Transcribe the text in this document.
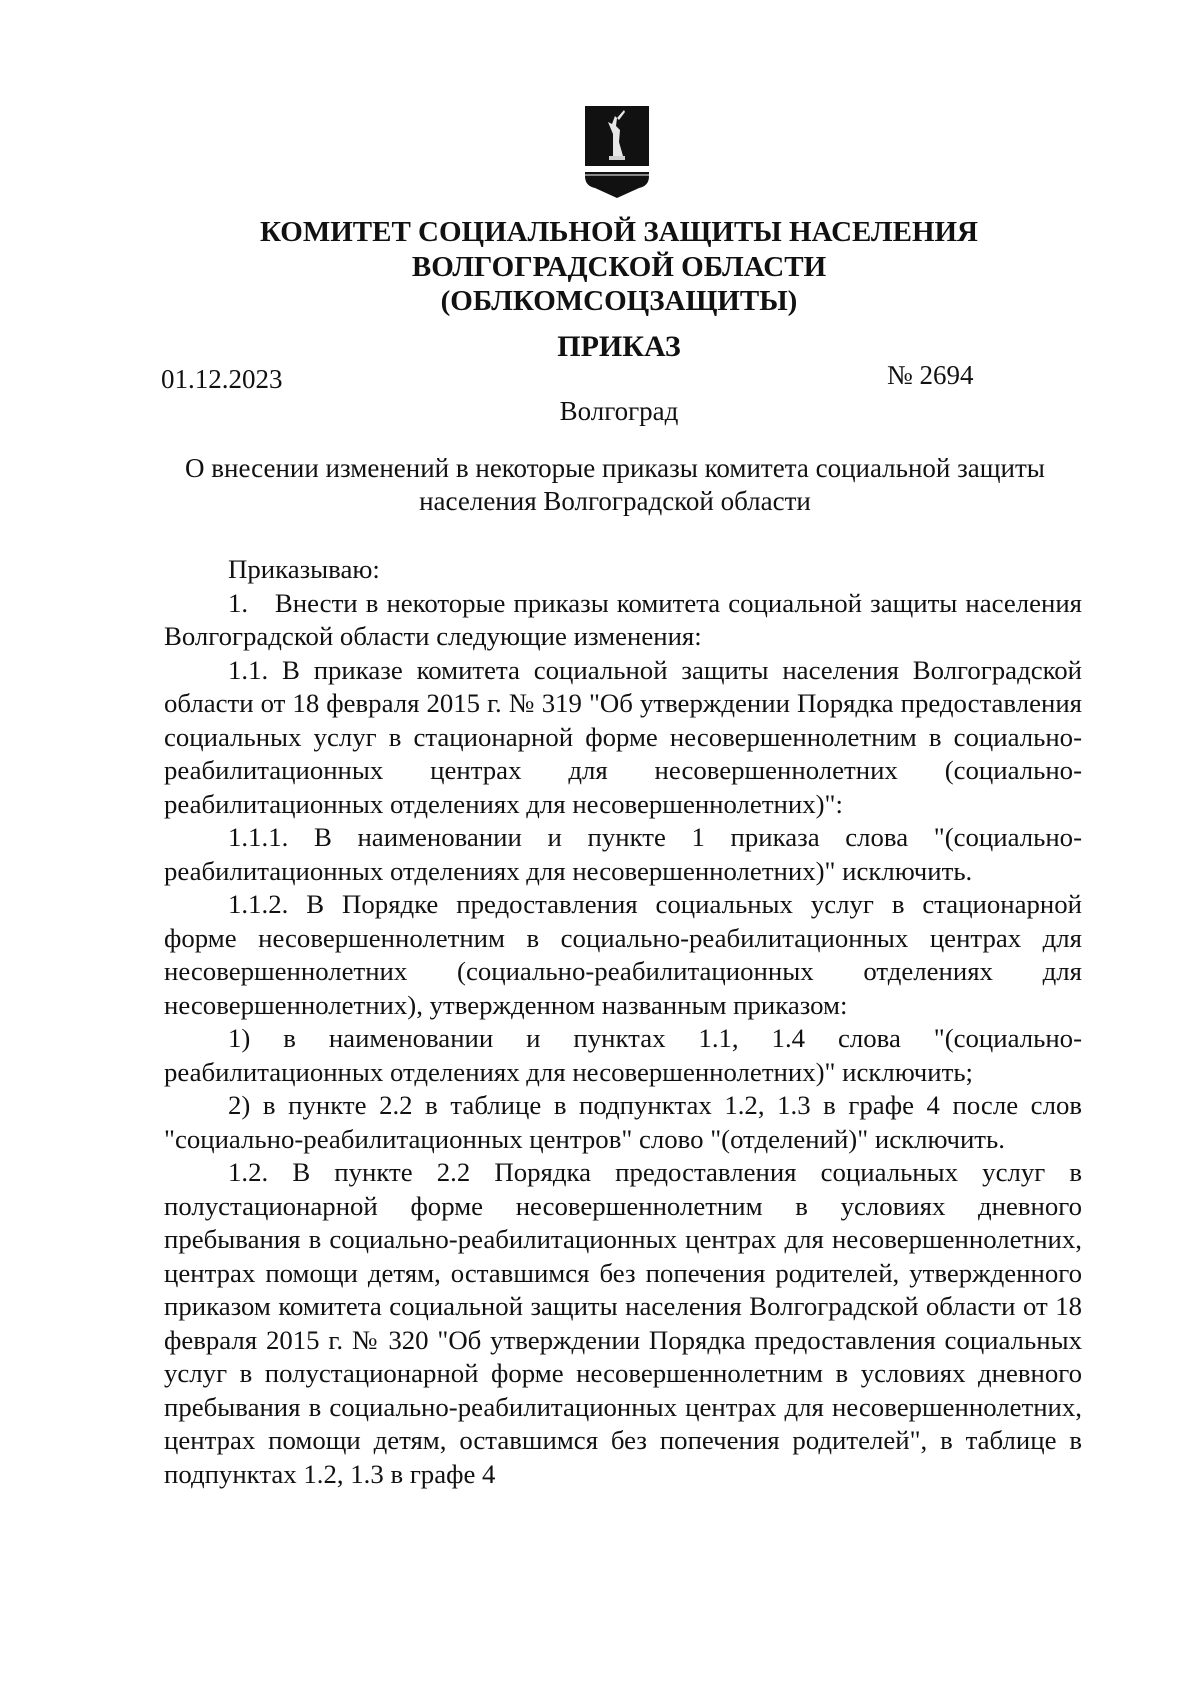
КОМИТЕТ СОЦИАЛЬНОЙ ЗАЩИТЫ НАСЕЛЕНИЯ
ВОЛГОГРАДСКОЙ ОБЛАСТИ
(ОБЛКОМСОЦЗАЩИТЫ)
ПРИКАЗ
01.12.2023	№ 2694
Волгоград
О внесении изменений в некоторые приказы комитета социальной защиты
населения Волгоградской области

Приказываю:

1. Внести в некоторые приказы комитета социальной защиты населения Волгоградской области следующие изменения:

1.1. В приказе комитета социальной защиты населения Волгоградской области от 18 февраля 2015 г. № 319 "Об утверждении Порядка предоставления социальных услуг в стационарной форме несовершеннолетним в социально-реабилитационных центрах для несовершеннолетних (социально-реабилитационных отделениях для несовершеннолетних)":

1.1.1. В наименовании и пункте 1 приказа слова "(социально-реабилитационных отделениях для несовершеннолетних)" исключить.

1.1.2. В Порядке предоставления социальных услуг в стационарной форме несовершеннолетним в социально-реабилитационных центрах для несовершеннолетних (социально-реабилитационных отделениях для несовершеннолетних), утвержденном названным приказом:

1) в наименовании и пунктах 1.1, 1.4 слова "(социально-реабилитационных отделениях для несовершеннолетних)" исключить;

2) в пункте 2.2 в таблице в подпунктах 1.2, 1.3 в графе 4 после слов "социально-реабилитационных центров" слово "(отделений)" исключить.

1.2. В пункте 2.2 Порядка предоставления социальных услуг в полустационарной форме несовершеннолетним в условиях дневного пребывания в социально-реабилитационных центрах для несовершеннолетних, центрах помощи детям, оставшимся без попечения родителей, утвержденного приказом комитета социальной защиты населения Волгоградской области от 18 февраля 2015 г. № 320 "Об утверждении Порядка предоставления социальных услуг в полустационарной форме несовершеннолетним в условиях дневного пребывания в социально-реабилитационных центрах для несовершеннолетних, центрах помощи детям, оставшимся без попечения родителей", в таблице в подпунктах 1.2, 1.3 в графе 4
